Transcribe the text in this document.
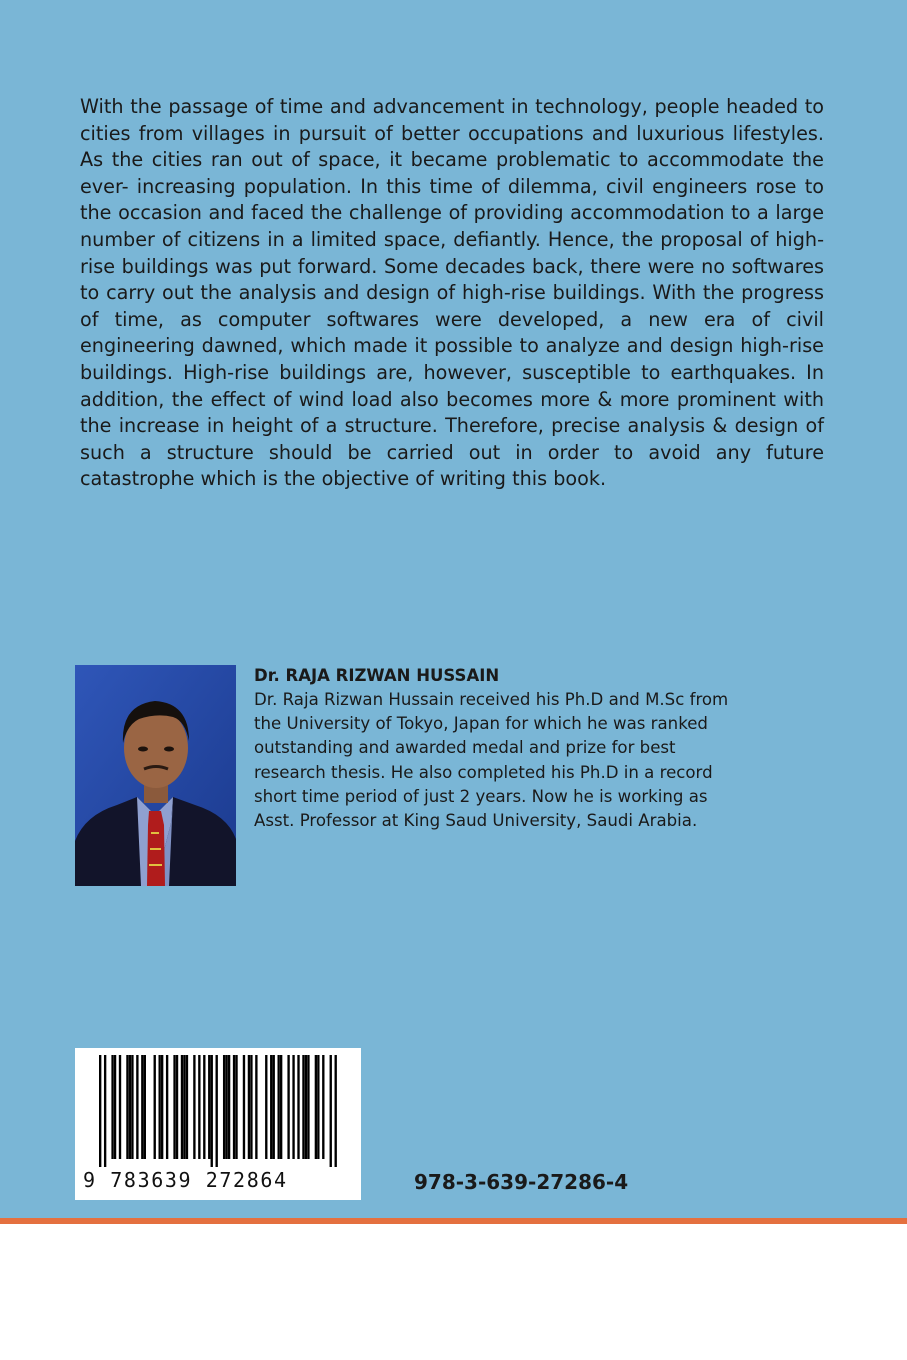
With the passage of time and advancement in technology, people headed to cities from villages in pursuit of better occupations and luxurious lifestyles. As the cities ran out of space, it became problematic to accommodate the ever- increasing population. In this time of dilemma, civil engineers rose to the occasion and faced the challenge of providing accommodation to a large number of citizens in a limited space, defiantly. Hence, the proposal of high-rise buildings was put forward. Some decades back, there were no softwares to carry out the analysis and design of high-rise buildings. With the progress of time, as computer softwares were developed, a new era of civil engineering dawned, which made it possible to analyze and design high-rise buildings. High-rise buildings are, however, susceptible to earthquakes. In addition, the effect of wind load also becomes more & more prominent with the increase in height of a structure. Therefore, precise analysis & design of such a structure should be carried out in order to avoid any future catastrophe which is the objective of writing this book.

Dr. RAJA RIZWAN HUSSAIN

Dr. Raja Rizwan Hussain received his Ph.D and M.Sc from
the University of Tokyo, Japan for which he was ranked
outstanding and awarded medal and prize for best
research thesis. He also completed his Ph.D in a record
short time period of just 2 years. Now he is working as
Asst. Professor at King Saud University, Saudi Arabia.

9 783639 272864	978-3-639-27286-4
